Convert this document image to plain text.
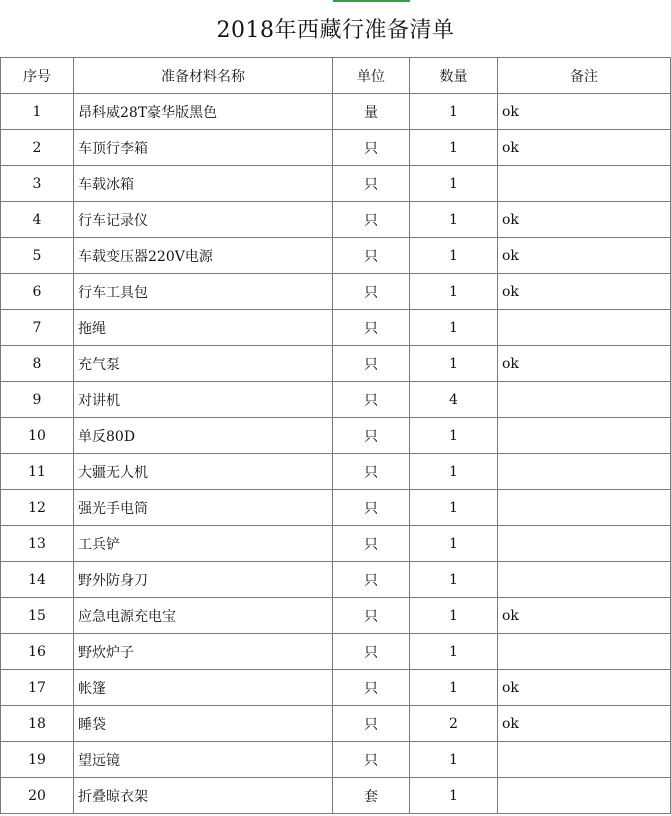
2018年西藏行准备清单				
序号	准备材料名称	单位	数量	备注
1	昂科威28T豪华版黑色	量	1	ok
2	车顶行李箱	只	1	ok
3	车载冰箱	只	1	
4	行车记录仪	只	1	ok
5	车载变压器220V电源	只	1	ok
6	行车工具包	只	1	ok
7	拖绳	只	1	
8	充气泵	只	1	ok
9	对讲机	只	4	
10	单反80D	只	1	
11	大疆无人机	只	1	
12	强光手电筒	只	1	
13	工兵铲	只	1	
14	野外防身刀	只	1	
15	应急电源充电宝	只	1	ok
16	野炊炉子	只	1	
17	帐篷	只	1	ok
18	睡袋	只	2	ok
19	望远镜	只	1	
20	折叠晾衣架	套	1	
